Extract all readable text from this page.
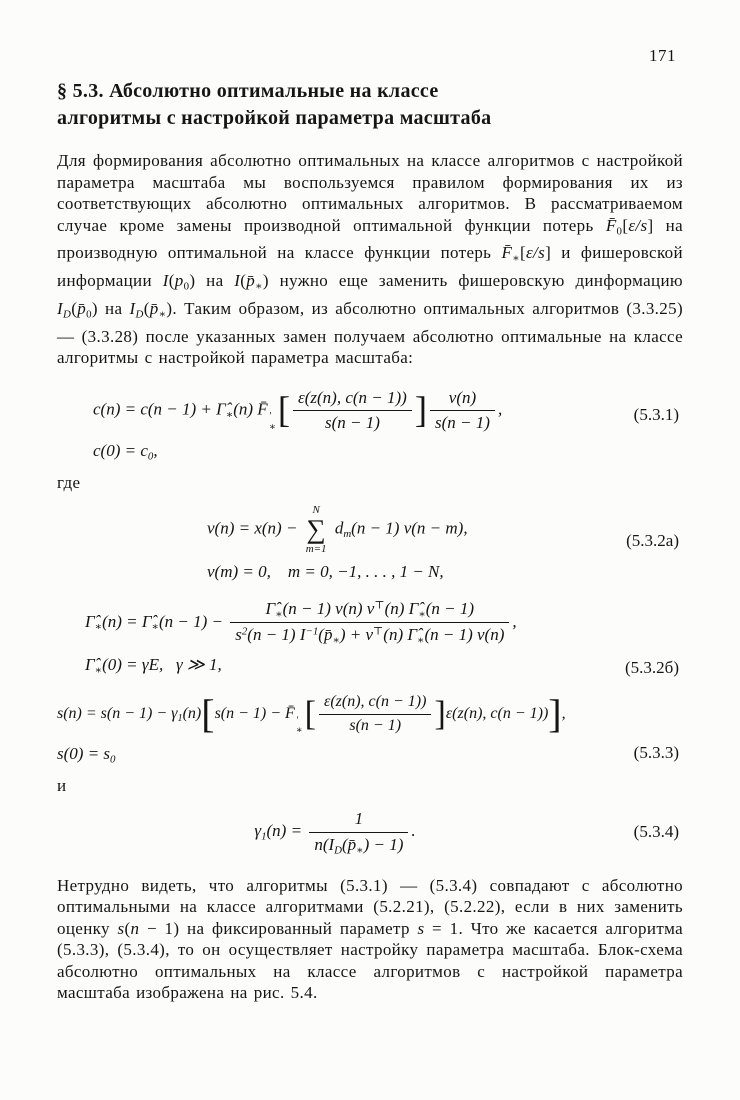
171
§ 5.3. Абсолютно оптимальные на классе
алгоритмы с настройкой параметра масштаба

Для формирования абсолютно оптимальных на классе алгоритмов с настройкой параметра масштаба мы воспользуемся правилом формирования их из соответствующих абсолютно оптимальных алгоритмов. В рассматриваемом случае кроме замены производной оптимальной функции потерь $F̄_0[\varepsilon/s]$ на производную оптимальной на классе функции потерь $F̄_∗[\varepsilon/s]$ и фишеровской информации $I(p_0)$ на $I(p̄_∗)$ нужно еще заменить фишеровскую динформацию $I_D(p̄_0)$ на $I_D(p̄_∗)$. Таким образом, из абсолютно оптимальных алгоритмов (3.3.25) — (3.3.28) после указанных замен получаем абсолютно оптимальные на классе алгоритмы с настройкой параметра масштаба:

$c(n) = c(n - 1) + \Gammâ_∗(n)$ F̄ ′
∗ [ $\frac{\varepsilon(z(n), c(n - 1))}{s(n - 1)}$ ] $\frac{v(n)}{s(n - 1)}$ ,
$c(0) = c_0$,
(5.3.1)

где

v(n) = x(n) −
N
∑
m=1
$d_m(n - 1) v(n - m)$,
v(m) = 0,    m = 0, −1, . . . , 1 − N,
(5.3.2а)
$\Gammâ_∗(n)$ = $\Gammâ_∗(n - 1) - \frac{\Gammâ_∗(n - 1) v(n) v^⊤(n) \Gammâ_∗(n - 1)}{s^2(n - 1) I^{-1}(p̄_∗) + v^⊤(n) \Gammâ_∗(n - 1) v(n)}$ ,
$\Gammâ_∗(0) = \gamma E$,   γ ≫ 1,	(5.3.2б)
$s(n) = s(n - 1) - \gamma_1(n)[s(n - 1)$ − F̄ ′
∗ [ $\frac{\varepsilon(z(n), c(n - 1))}{s(n - 1)} ]\varepsilon(z(n)$, c(n − 1))],
$s(0) = s_0$	(5.3.3)

и

$\gamma_1(n) = \frac{1}{n(I_D(p̄_∗) - 1)}$ .	(5.3.4)

Нетрудно видеть, что алгоритмы (5.3.1) — (5.3.4) совпадают с абсолютно оптимальными на классе алгоритмами (5.2.21), (5.2.22), если в них заменить оценку s(n − 1) на фиксированный параметр s = 1. Что же касается алгоритма (5.3.3), (5.3.4), то он осуществляет настройку параметра масштаба. Блок-схема абсолютно оптимальных на классе алгоритмов с настройкой параметра масштаба изображена на рис. 5.4.
